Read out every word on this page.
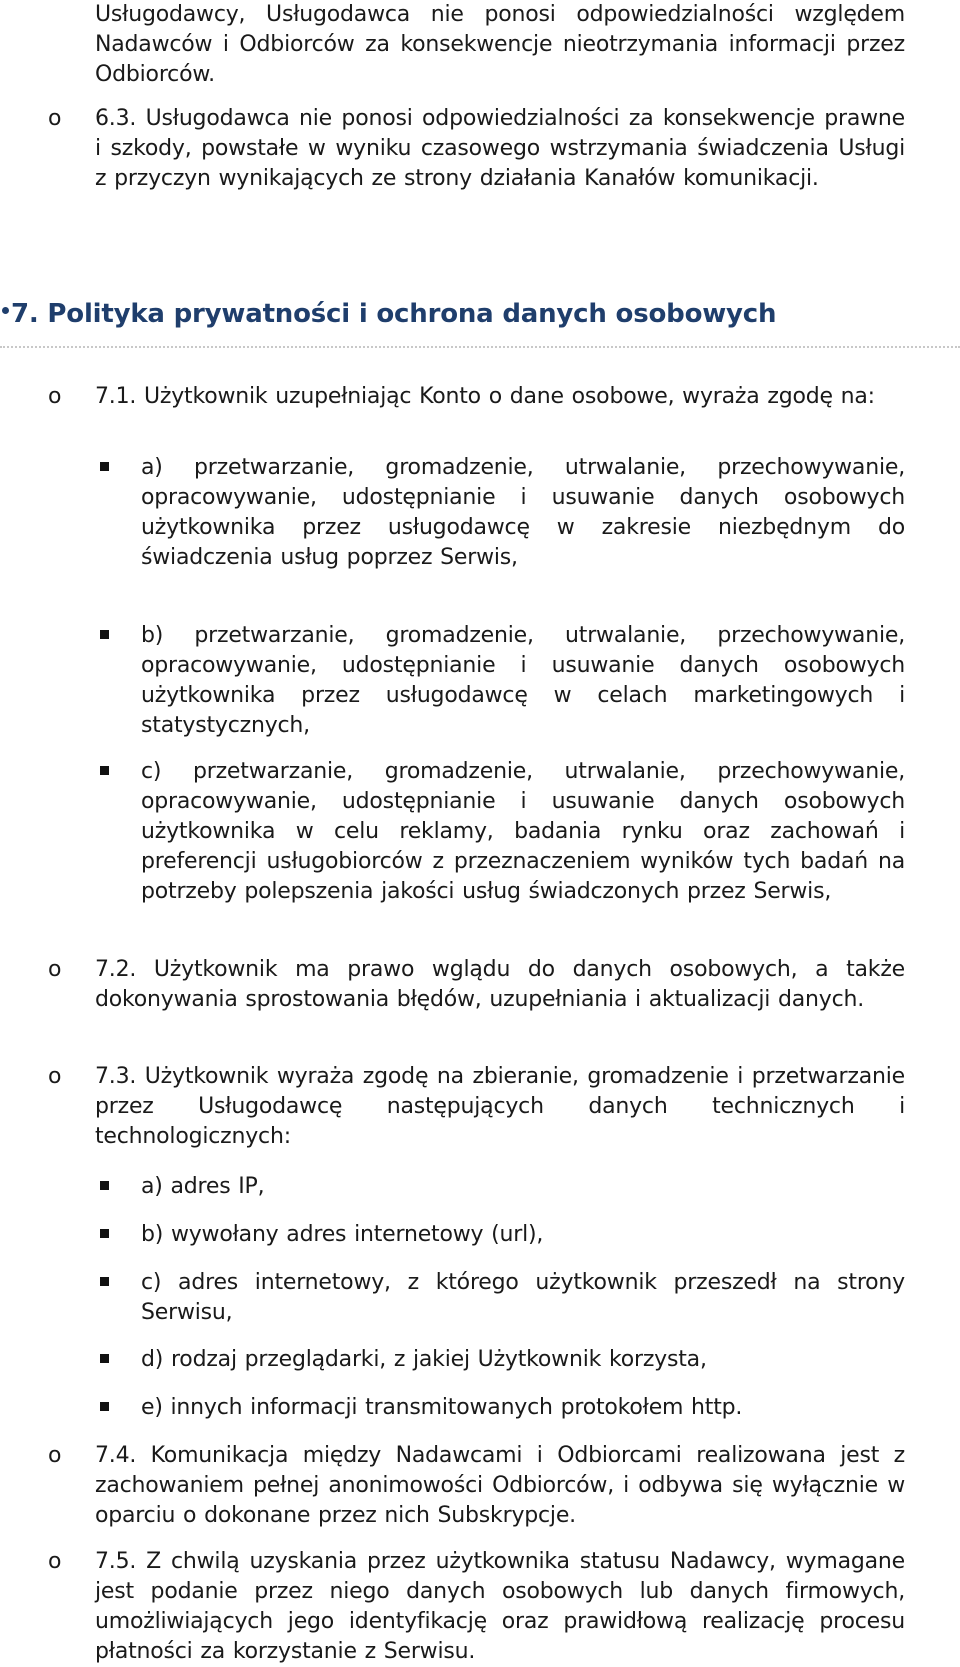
Usługodawcy, Usługodawca nie ponosi odpowiedzialności względem Nadawców i Odbiorców za konsekwencje nieotrzymania informacji przez Odbiorców.

o 6.3. Usługodawca nie ponosi odpowiedzialności za konsekwencje prawne i szkody, powstałe w wyniku czasowego wstrzymania świadczenia Usługi z przyczyn wynikających ze strony działania Kanałów komunikacji.

7. Polityka prywatności i ochrona danych osobowych
o 7.1. Użytkownik uzupełniając Konto o dane osobowe, wyraża zgodę na:

a) przetwarzanie, gromadzenie, utrwalanie, przechowywanie, opracowywanie, udostępnianie i usuwanie danych osobowych użytkownika przez usługodawcę w zakresie niezbędnym do świadczenia usług poprzez Serwis,

b) przetwarzanie, gromadzenie, utrwalanie, przechowywanie, opracowywanie, udostępnianie i usuwanie danych osobowych użytkownika przez usługodawcę w celach marketingowych i statystycznych,

c) przetwarzanie, gromadzenie, utrwalanie, przechowywanie, opracowywanie, udostępnianie i usuwanie danych osobowych użytkownika w celu reklamy, badania rynku oraz zachowań i preferencji usługobiorców z przeznaczeniem wyników tych badań na potrzeby polepszenia jakości usług świadczonych przez Serwis,

o 7.2. Użytkownik ma prawo wglądu do danych osobowych, a także dokonywania sprostowania błędów, uzupełniania i aktualizacji danych.

o 7.3. Użytkownik wyraża zgodę na zbieranie, gromadzenie i przetwarzanie przez Usługodawcę następujących danych technicznych i technologicznych:

a) adres IP,

b) wywołany adres internetowy (url),

c) adres internetowy, z którego użytkownik przeszedł na strony Serwisu,

d) rodzaj przeglądarki, z jakiej Użytkownik korzysta,

e) innych informacji transmitowanych protokołem http.

o 7.4. Komunikacja między Nadawcami i Odbiorcami realizowana jest z zachowaniem pełnej anonimowości Odbiorców, i odbywa się wyłącznie w oparciu o dokonane przez nich Subskrypcje.

o 7.5. Z chwilą uzyskania przez użytkownika statusu Nadawcy, wymagane jest podanie przez niego danych osobowych lub danych firmowych, umożliwiających jego identyfikację oraz prawidłową realizację procesu płatności za korzystanie z Serwisu.
